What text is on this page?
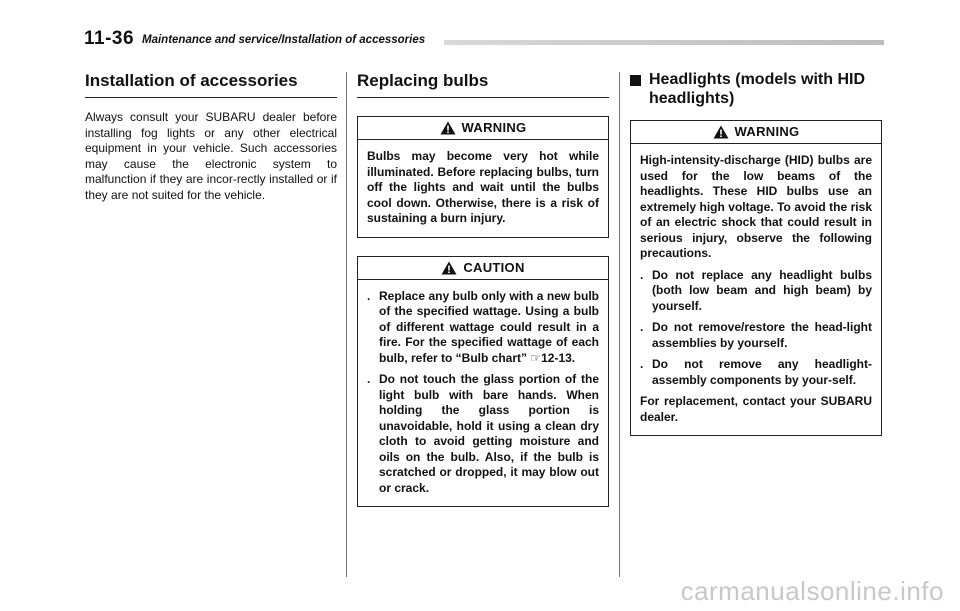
11-36 Maintenance and service/Installation of accessories
Installation of accessories

Always consult your SUBARU dealer before installing fog lights or any other electrical equipment in your vehicle. Such accessories may cause the electronic system to malfunction if they are incor-rectly installed or if they are not suited for the vehicle.

Replacing bulbs
WARNING

Bulbs may become very hot while illuminated. Before replacing bulbs, turn off the lights and wait until the bulbs cool down. Otherwise, there is a risk of sustaining a burn injury.

CAUTION
. Replace any bulb only with a new bulb of the specified wattage. Using a bulb of different wattage could result in a fire. For the specified wattage of each bulb, refer to “Bulb chart” ☞12-13.
. Do not touch the glass portion of the light bulb with bare hands. When holding the glass portion is unavoidable, hold it using a clean dry cloth to avoid getting moisture and oils on the bulb. Also, if the bulb is scratched or dropped, it may blow out or crack.
Headlights (models with HID headlights)
WARNING

High-intensity-discharge (HID) bulbs are used for the low beams of the headlights. These HID bulbs use an extremely high voltage. To avoid the risk of an electric shock that could result in serious injury, observe the following precautions.

. Do not replace any headlight bulbs (both low beam and high beam) by yourself.
. Do not remove/restore the head-light assemblies by yourself.
. Do not remove any headlight-assembly components by your-self.

For replacement, contact your SUBARU dealer.

carmanualsonline.info
